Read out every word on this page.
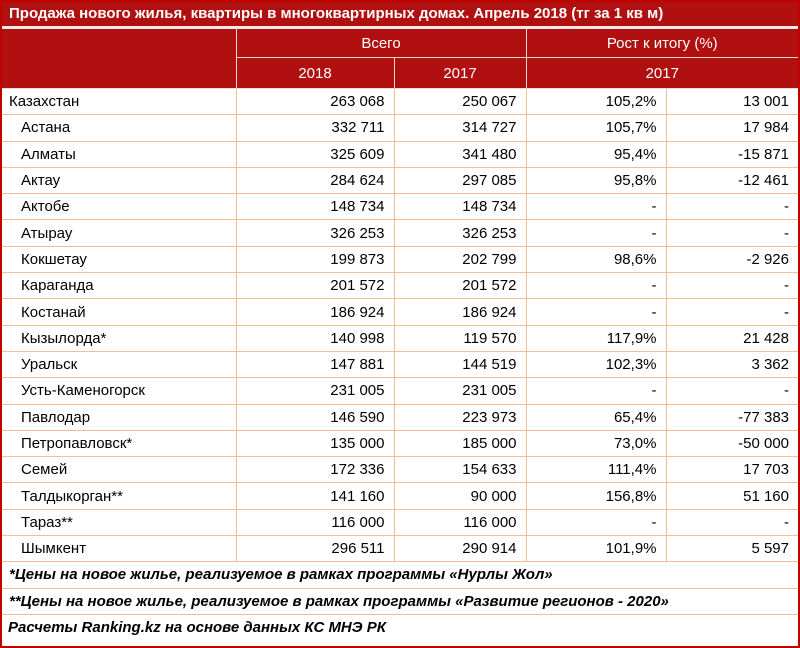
Продажа нового жилья, квартиры в многоквартирных домах. Апрель 2018 (тг за 1 кв м)
	Всего		Рост к итогу (%)	
	2018	2017	2017	
Казахстан	263 068	250 067	105,2%	13 001
Астана	332 711	314 727	105,7%	17 984
Алматы	325 609	341 480	95,4%	-15 871
Актау	284 624	297 085	95,8%	-12 461
Актобе	148 734	148 734	-	-
Атырау	326 253	326 253	-	-
Кокшетау	199 873	202 799	98,6%	-2 926
Караганда	201 572	201 572	-	-
Костанай	186 924	186 924	-	-
Кызылорда*	140 998	119 570	117,9%	21 428
Уральск	147 881	144 519	102,3%	3 362
Усть-Каменогорск	231 005	231 005	-	-
Павлодар	146 590	223 973	65,4%	-77 383
Петропавловск*	135 000	185 000	73,0%	-50 000
Семей	172 336	154 633	111,4%	17 703
Талдыкорган**	141 160	90 000	156,8%	51 160
Тараз**	116 000	116 000	-	-
Шымкент	296 511	290 914	101,9%	5 597
*Цены на новое жилье, реализуемое в рамках программы «Нурлы Жол»				
**Цены на новое жилье, реализуемое в рамках программы «Развитие регионов - 2020»				
Расчеты Ranking.kz на основе данных КС МНЭ РК
